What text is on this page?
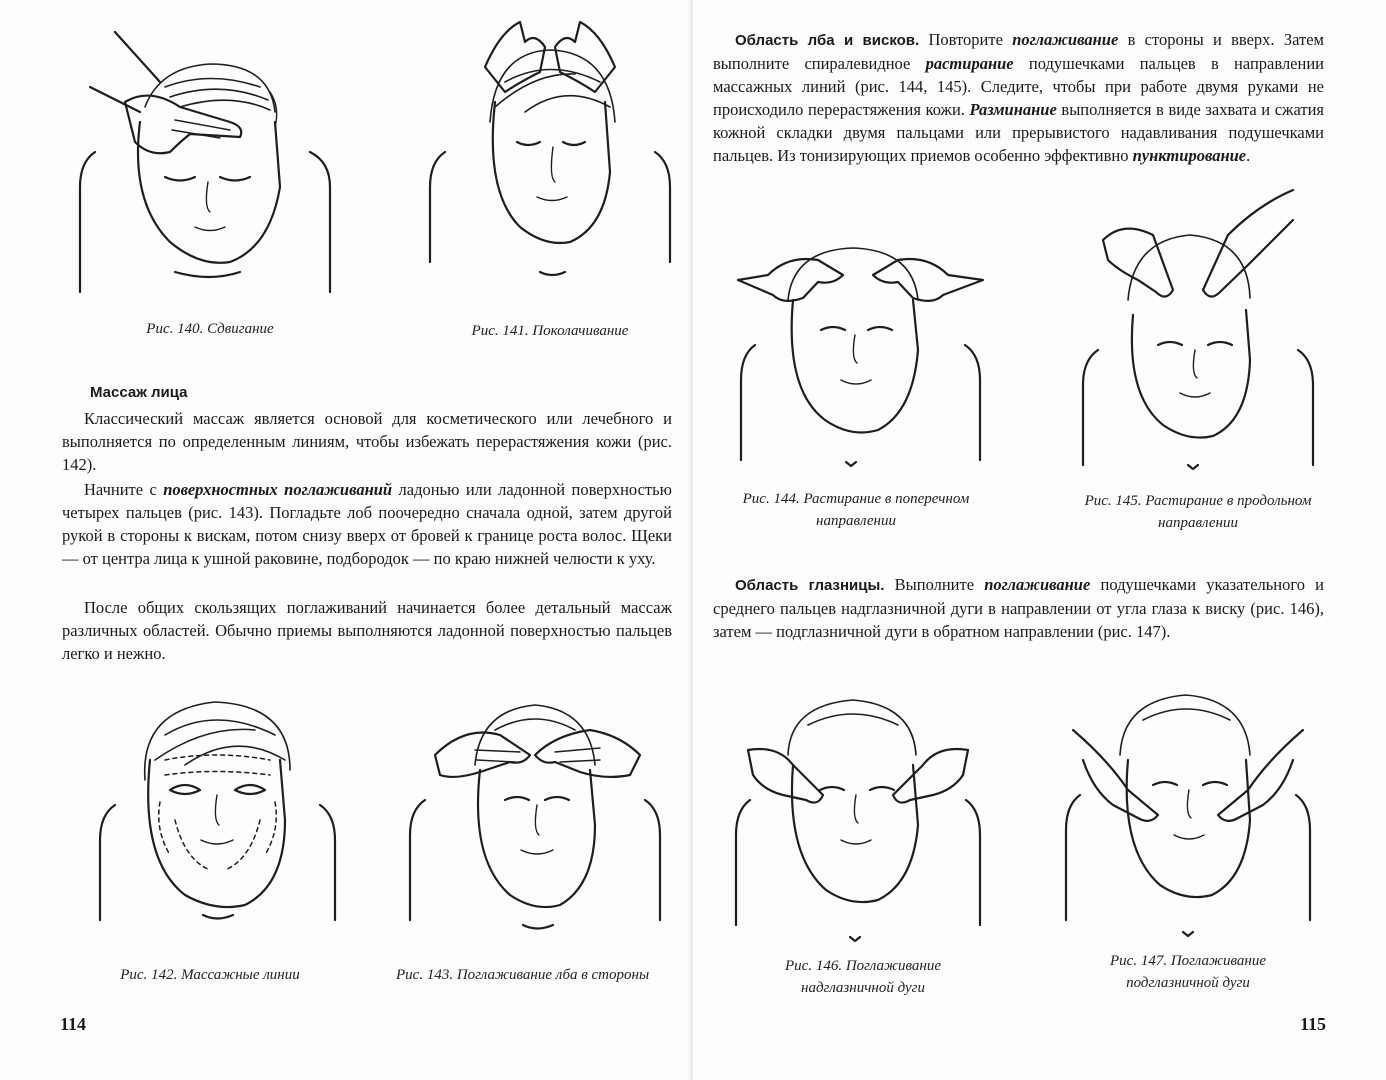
Рис. 140. Сдвигание	Рис. 141. Поколачивание
Массаж лица

Классический массаж является основой для косметического или лечебного и выполняется по определенным линиям, чтобы избежать перерастяжения кожи (рис. 142).

Начните с поверхностных поглаживаний ладонью или ладонной поверхностью четырех пальцев (рис. 143). Погладьте лоб поочередно сначала одной, затем другой рукой в стороны к вискам, потом снизу вверх от бровей к границе роста волос. Щеки — от центра лица к ушной раковине, подбородок — по краю нижней челюсти к уху.

После общих скользящих поглаживаний начинается более детальный массаж различных областей. Обычно приемы выполняются ладонной поверхностью пальцев легко и нежно.

Рис. 142. Массажные линии	Рис. 143. Поглаживание лба в стороны
114

Область лба и висков. Повторите поглаживание в стороны и вверх. Затем выполните спиралевидное растирание подушечками пальцев в направлении массажных линий (рис. 144, 145). Следите, чтобы при работе двумя руками не происходило перерастяжения кожи. Разминание выполняется в виде захвата и сжатия кожной складки двумя пальцами или прерывистого надавливания подушечками пальцев. Из тонизирующих приемов особенно эффективно пунктирование.

Рис. 144. Растирание в поперечном направлении
Рис. 145. Растирание в продольном направлении

Область глазницы. Выполните поглаживание подушечками указательного и среднего пальцев надглазничной дуги в направлении от угла глаза к виску (рис. 146), затем — подглазничной дуги в обратном направлении (рис. 147).

Рис. 146. Поглаживание надглазничной дуги
Рис. 147. Поглаживание подглазничной дуги
115
